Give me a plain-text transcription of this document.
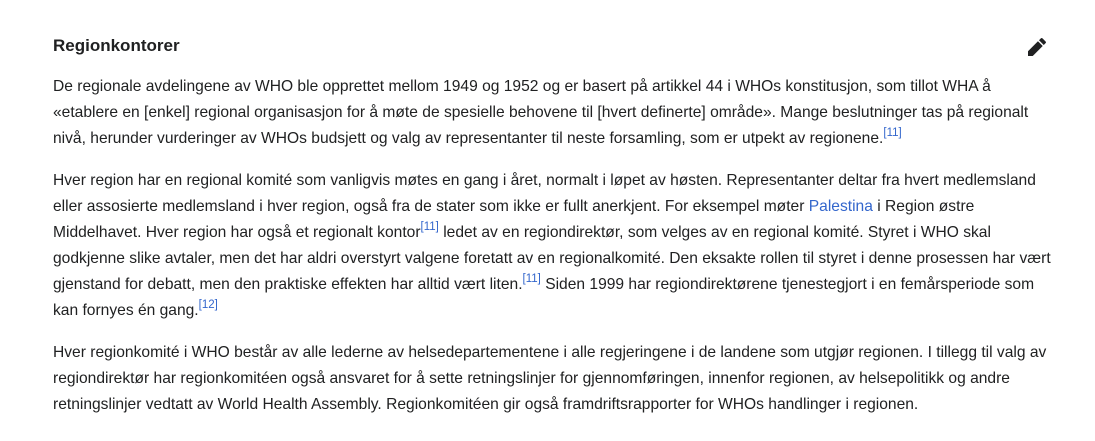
Regionkontorer

De regionale avdelingene av WHO ble opprettet mellom 1949 og 1952 og er basert på artikkel 44 i WHOs konstitusjon, som tillot WHA å «etablere en [enkel] regional organisasjon for å møte de spesielle behovene til [hvert definerte] område». Mange beslutninger tas på regionalt nivå, herunder vurderinger av WHOs budsjett og valg av representanter til neste forsamling, som er utpekt av regionene.[11]

Hver region har en regional komité som vanligvis møtes en gang i året, normalt i løpet av høsten. Representanter deltar fra hvert medlemsland eller assosierte medlemsland i hver region, også fra de stater som ikke er fullt anerkjent. For eksempel møter Palestina i Region østre Middelhavet. Hver region har også et regionalt kontor[11] ledet av en regiondirektør, som velges av en regional komité. Styret i WHO skal godkjenne slike avtaler, men det har aldri overstyrt valgene foretatt av en regionalkomité. Den eksakte rollen til styret i denne prosessen har vært gjenstand for debatt, men den praktiske effekten har alltid vært liten.[11] Siden 1999 har regiondirektørene tjenestegjort i en femårsperiode som kan fornyes én gang.[12]

Hver regionkomité i WHO består av alle lederne av helsedepartementene i alle regjeringene i de landene som utgjør regionen. I tillegg til valg av regiondirektør har regionkomitéen også ansvaret for å sette retningslinjer for gjennomføringen, innenfor regionen, av helsepolitikk og andre retningslinjer vedtatt av World Health Assembly. Regionkomitéen gir også framdriftsrapporter for WHOs handlinger i regionen.
